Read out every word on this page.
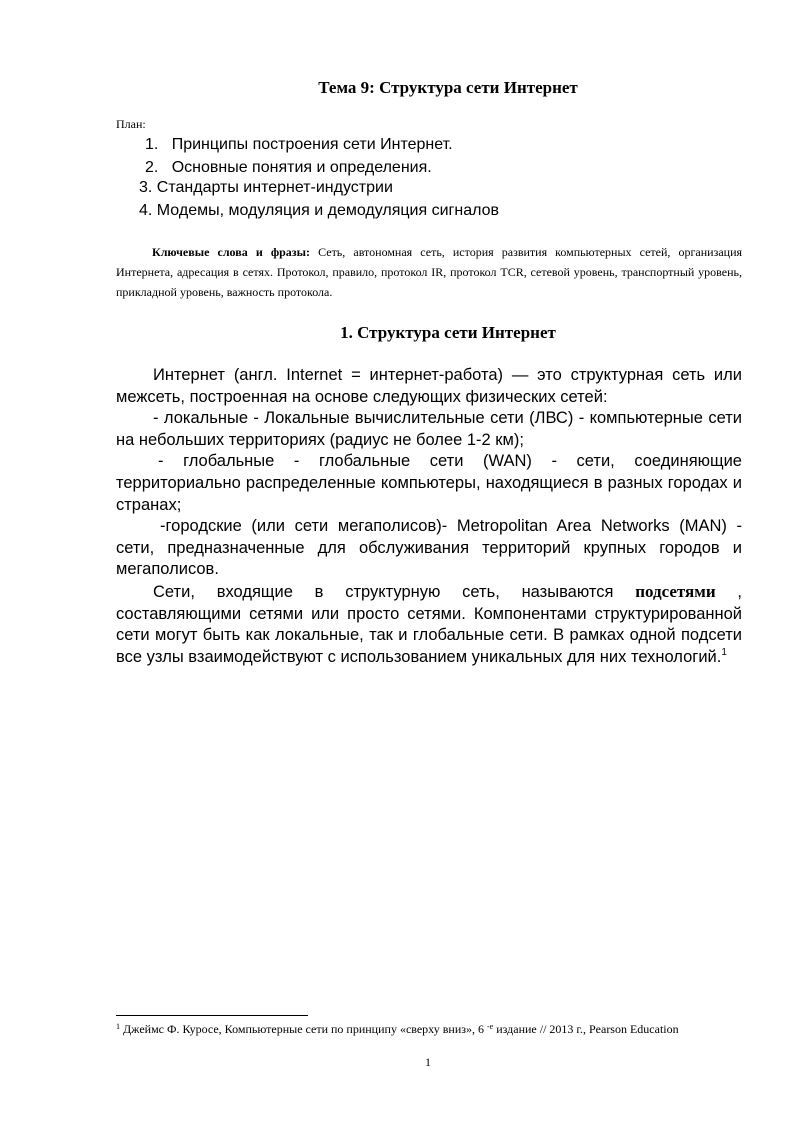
Тема 9: Структура сети Интернет
План:
1. Принципы построения сети Интернет.
2. Основные понятия и определения.
3. Стандарты интернет-индустрии
4. Модемы, модуляция и демодуляция сигналов
Ключевые слова и фразы: Сеть, автономная сеть, история развития компьютерных сетей, организация Интернета, адресация в сетях. Протокол, правило, протокол IR, протокол TCR, сетевой уровень, транспортный уровень, прикладной уровень, важность протокола.
1. Структура сети Интернет

Интернет (англ. Internet = интернет-работа) — это структурная сеть или межсеть, построенная на основе следующих физических сетей:

- локальные - Локальные вычислительные сети (ЛВС) - компьютерные сети на небольших территориях (радиус не более 1-2 км);

- глобальные - глобальные сети (WAN) - сети, соединяющие территориально распределенные компьютеры, находящиеся в разных городах и странах;

-городские (или сети мегаполисов)- Metropolitan Area Networks (MAN) - сети, предназначенные для обслуживания территорий крупных городов и мегаполисов.

Сети, входящие в структурную сеть, называются подсетями , составляющими сетями или просто сетями. Компонентами структурированной сети могут быть как локальные, так и глобальные сети. В рамках одной подсети все узлы взаимодействуют с использованием уникальных для них технологий.$^1$

$^1$ Джеймс Ф. Куросе, Компьютерные сети по принципу «сверху вниз», 6 $^{-е}$ издание // 2013 г., Pearson Education
1
